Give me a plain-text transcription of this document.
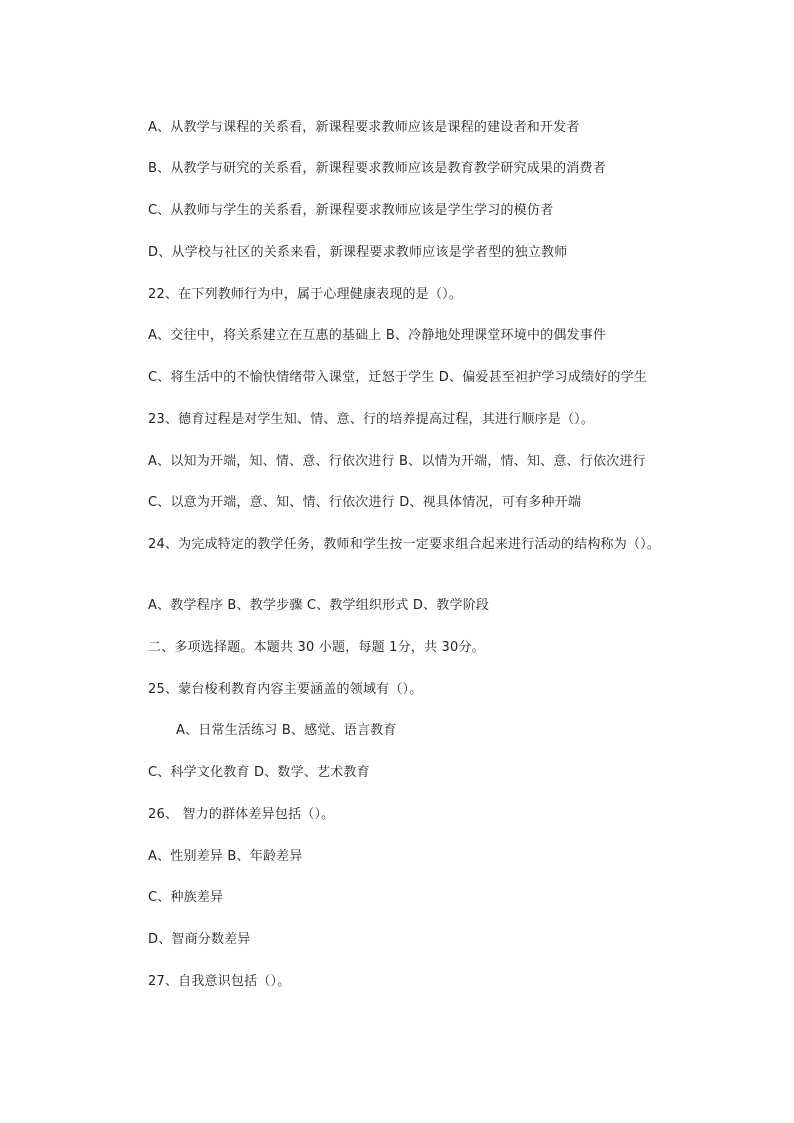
A、从教学与课程的关系看，新课程要求教师应该是课程的建设者和开发者
B、从教学与研究的关系看，新课程要求教师应该是教育教学研究成果的消费者
C、从教师与学生的关系看，新课程要求教师应该是学生学习的模仿者
D、从学校与社区的关系来看，新课程要求教师应该是学者型的独立教师
22、在下列教师行为中，属于心理健康表现的是（）。
A、交往中，将关系建立在互惠的基础上 B、冷静地处理课堂环境中的偶发事件
C、将生活中的不愉快情绪带入课堂，迁怒于学生 D、偏爱甚至袒护学习成绩好的学生
23、德育过程是对学生知、情、意、行的培养提高过程，其进行顺序是（）。
A、以知为开端，知、情、意、行依次进行 B、以情为开端，情、知、意、行依次进行
C、以意为开端，意、知、情、行依次进行 D、视具体情况，可有多种开端
24、为完成特定的教学任务，教师和学生按一定要求组合起来进行活动的结构称为（）。
A、教学程序 B、教学步骤 C、教学组织形式 D、教学阶段
二、多项选择题。本题共 30 小题，每题 1分，共 30分。
25、蒙台梭利教育内容主要涵盖的领域有（）。
A、日常生活练习 B、感觉、语言教育
C、科学文化教育 D、数学、艺术教育
26、 智力的群体差异包括（）。
A、性别差异 B、年龄差异
C、种族差异
D、智商分数差异
27、自我意识包括（）。
